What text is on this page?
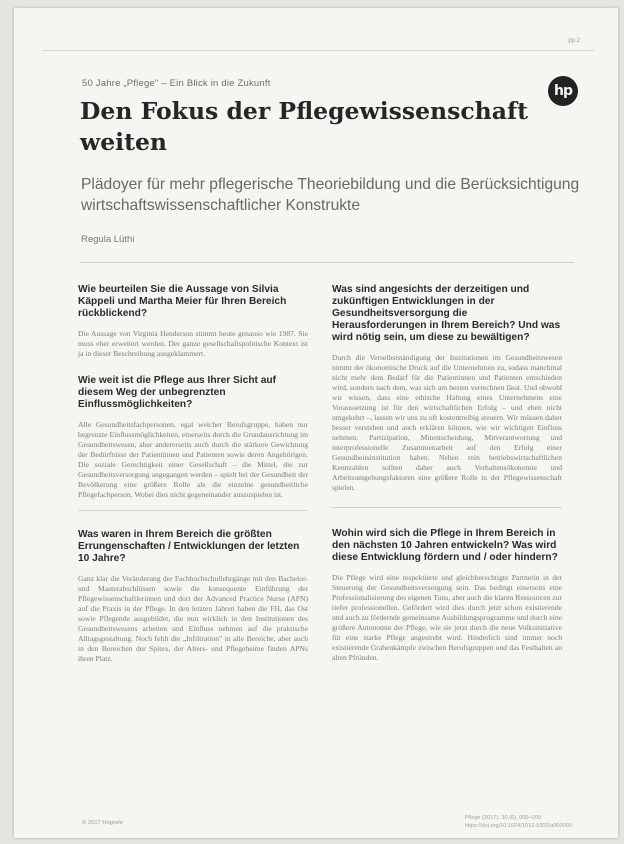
pp.2
50 Jahre „Pflege" – Ein Blick in die Zukunft	hp
Den Fokus der Pflegewissenschaft weiten
Plädoyer für mehr pflegerische Theoriebildung und die Berücksichtigung wirtschaftswissenschaftlicher Konstrukte
Regula Lüthi
Wie beurteilen Sie die Aussage von Silvia Käppeli und Martha Meier für Ihren Bereich rückblickend?

Die Aussage von Virginia Henderson stimmt heute genauso wie 1987. Sie muss eher erweitert werden. Der ganze gesellschaftspolitische Kontext ist ja in dieser Beschreibung ausgeklammert.

Wie weit ist die Pflege aus Ihrer Sicht auf diesem Weg der unbegrenzten Einflussmöglichkeiten?

Alle Gesundheitsfachpersonen, egal welcher Berufsgruppe, haben nur begrenzte Einflussmöglichkeiten, einerseits durch die Grundausrichtung im Gesundheitswesen, aber andererseits auch durch die stärkere Gewichtung der Bedürfnisse der Patientinnen und Patienten sowie deren Angehörigen. Die soziale Gerechtigkeit einer Gesellschaft – die Mittel, die zur Gesundheitsversorgung angegangen werden – spielt bei der Gesundheit der Bevölkerung eine größere Rolle als die einzelne gesundheitliche Pflegefachperson. Wobei dies nicht gegeneinander auszuspielen ist.

Was waren in Ihrem Bereich die größten Errungenschaften / Entwicklungen der letzten 10 Jahre?

Ganz klar die Veränderung der Fachhochschullehrgänge mit den Bachelor- und Masterabschlüssen sowie die konsequente Einführung der Pflegewissenschaftlerinnen und dort der Advanced Practice Nurse (APN) auf die Praxis in der Pflege. In den letzten Jahren haben die FH, das Ost sowie Pflegende ausgebildet, die nun wirklich in den Institutionen des Gesundheitswesens arbeiten und Einfluss nehmen auf die praktische Alltagsgestaltung. Noch fehlt die „Infiltration" in alle Bereiche, aber auch in den Bereichen der Spitex, der Alters- und Pflegeheime finden APNs ihren Platz.

Was sind angesichts der derzeitigen und zukünftigen Entwicklungen in der Gesundheitsversorgung die Herausforderungen in Ihrem Bereich? Und was wird nötig sein, um diese zu bewältigen?

Durch die Verselbstständigung der Institutionen im Gesundheitswesen nimmt der ökonomische Druck auf die Unternehmen zu, sodass manchmal nicht mehr dem Bedarf für die Patientinnen und Patienten entschieden wird, sondern nach dem, was sich am besten verrechnen lässt. Und obwohl wir wissen, dass eine ethische Haltung eines Unternehmens eine Voraussetzung ist für den wirtschaftlichen Erfolg – und eben nicht umgekehrt –, lassen wir uns zu oft kostentreibig steuern. Wir müssen daher besser verstehen und auch erklären können, wie wir wichtigen Einfluss nehmen: Partizipation, Mitentscheidung, Mitverantwortung und interprofessionelle Zusammenarbeit auf den Erfolg einer Gesundheitsinstitution haben. Neben rein betriebswirtschaftlichen Kennzahlen sollten daher auch Verhaltensökonomie und Arbeitsumgebungsfaktoren eine größere Rolle in der Pflegewissenschaft spielen.

Wohin wird sich die Pflege in Ihrem Bereich in den nächsten 10 Jahren entwickeln? Was wird diese Entwicklung fördern und / oder hindern?

Die Pflege wird eine respektierte und gleichberechtigte Partnerin in der Steuerung der Gesundheitsversorgung sein. Das bedingt einerseits eine Professionalisierung des eigenen Tuns, aber auch die klaren Ressourcen zur tiefer professionellen. Gefördert wird dies durch jetzt schon existierende und auch zu fördernde gemeinsame Ausbildungsprogramme und durch eine größere Autonomie der Pflege, wie sie jetzt durch die neue Volksinitiative für eine starke Pflege angestrebt wird. Hinderlich sind immer noch existierende Grabenkämpfe zwischen Berufsgruppen und das Festhalten an alten Pfründen.

© 2017 Hogrefe
Pflege (2017), 30 (6), 000–000
https://doi.org/10.1024/1012-5302/a000000
